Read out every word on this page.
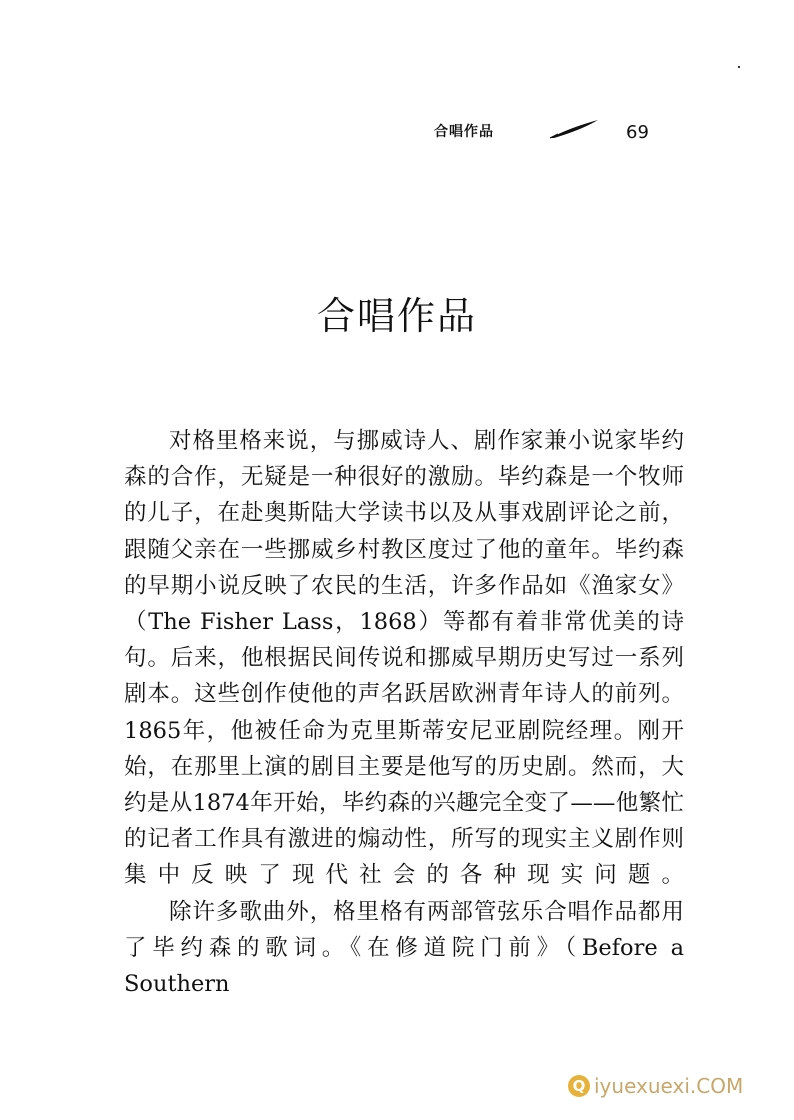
合唱作品	69
合唱作品

对格里格来说，与挪威诗人、剧作家兼小说家毕约森的合作，无疑是一种很好的激励。毕约森是一个牧师的儿子，在赴奥斯陆大学读书以及从事戏剧评论之前，跟随父亲在一些挪威乡村教区度过了他的童年。毕约森的早期小说反映了农民的生活，许多作品如《渔家女》（The Fisher Lass，1868）等都有着非常优美的诗句。后来，他根据民间传说和挪威早期历史写过一系列剧本。这些创作使他的声名跃居欧洲青年诗人的前列。1865年，他被任命为克里斯蒂安尼亚剧院经理。刚开始，在那里上演的剧目主要是他写的历史剧。然而，大约是从1874年开始，毕约森的兴趣完全变了——他繁忙的记者工作具有激进的煽动性，所写的现实主义剧作则集中反映了现代社会的各种现实问题。

除许多歌曲外，格里格有两部管弦乐合唱作品都用了毕约森的歌词。《在修道院门前》（Before a Southern

Q iyuexuexi.COM
